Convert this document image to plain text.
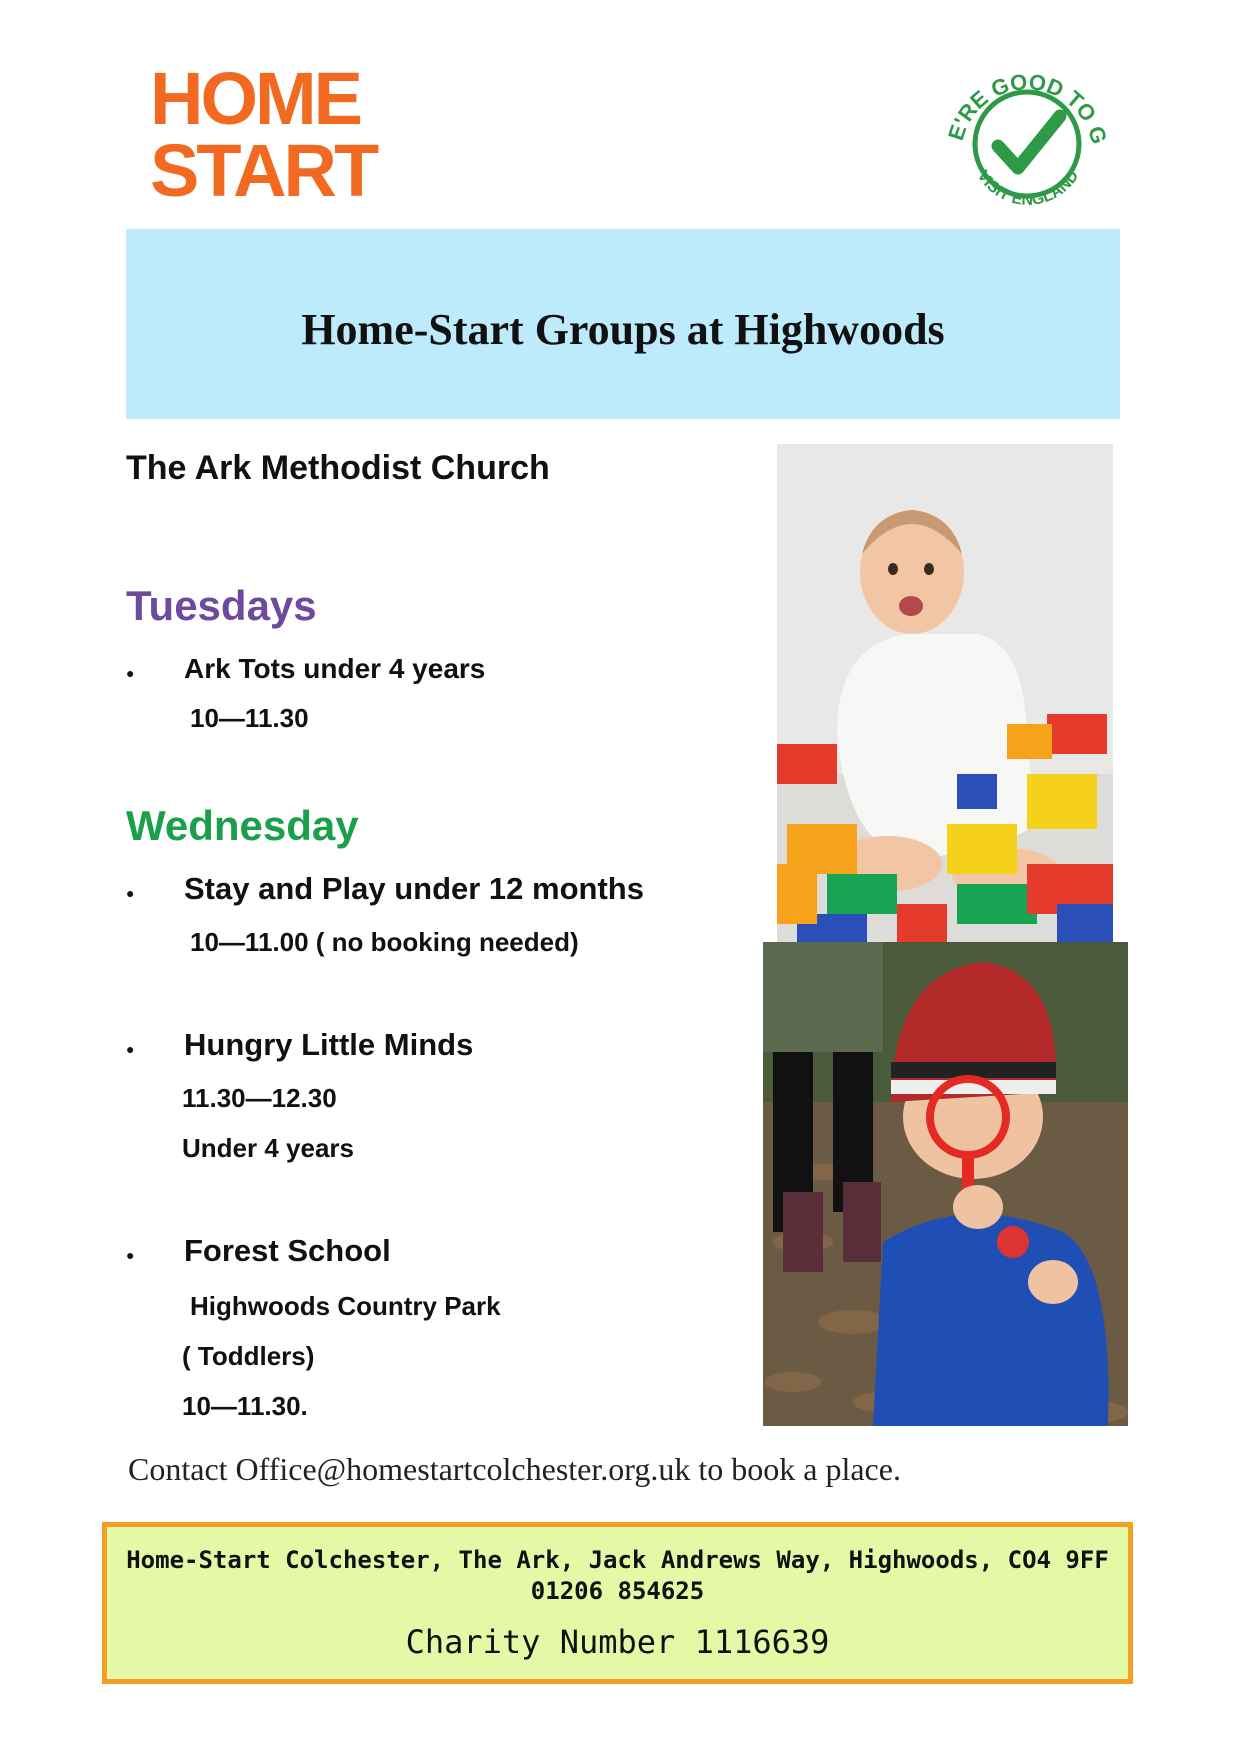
HOME
START	E'RE GOOD TO G
VISIT ENGLAND
Home-Start Groups at Highwoods
The Ark Methodist Church
Tuesdays
● Ark Tots under 4 years
10—11.30
Wednesday
● Stay and Play under 12 months
10—11.00 ( no booking needed)
● Hungry Little Minds
11.30—12.30
Under 4 years
● Forest School
Highwoods Country Park
( Toddlers)
10—11.30.
Contact Office@homestartcolchester.org.uk to book a place.
Home-Start Colchester, The Ark, Jack Andrews Way, Highwoods, CO4 9FF
01206 854625
Charity Number 1116639
